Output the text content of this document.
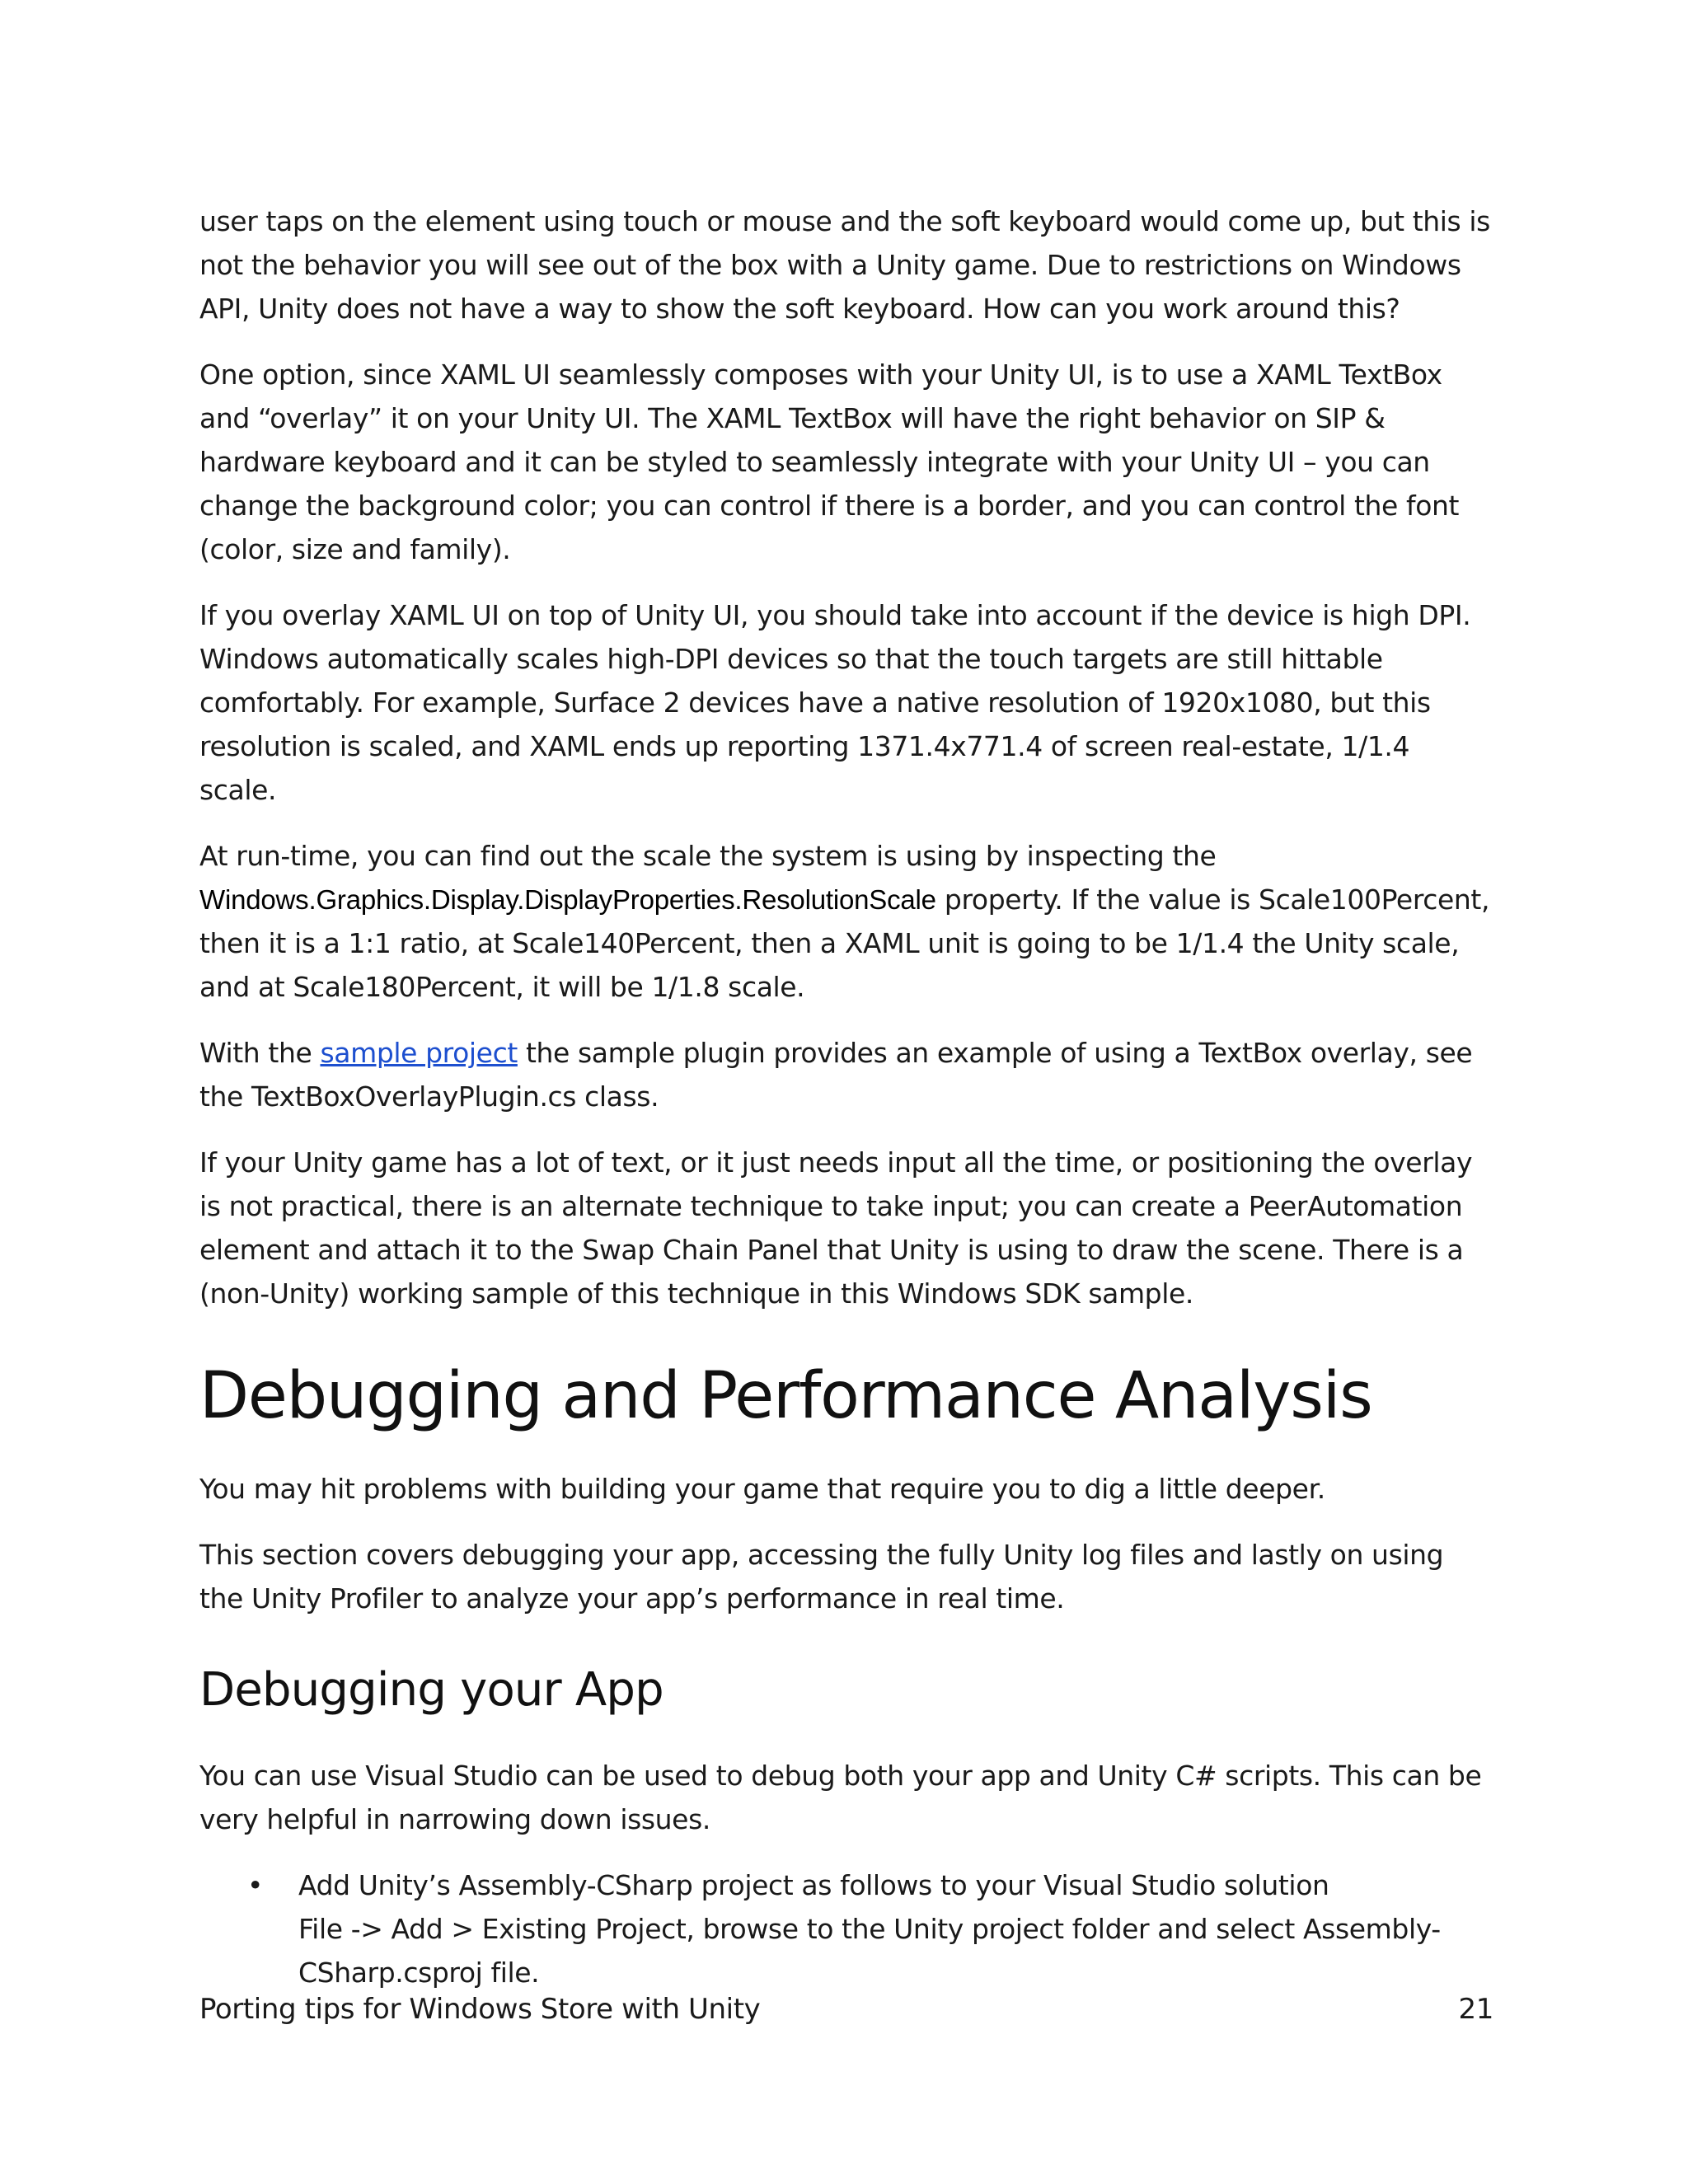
user taps on the element using touch or mouse and the soft keyboard would come up, but this is not the behavior you will see out of the box with a Unity game. Due to restrictions on Windows API, Unity does not have a way to show the soft keyboard. How can you work around this?

One option, since XAML UI seamlessly composes with your Unity UI, is to use a XAML TextBox and “overlay” it on your Unity UI. The XAML TextBox will have the right behavior on SIP & hardware keyboard and it can be styled to seamlessly integrate with your Unity UI – you can change the background color; you can control if there is a border, and you can control the font (color, size and family).

If you overlay XAML UI on top of Unity UI, you should take into account if the device is high DPI. Windows automatically scales high-DPI devices so that the touch targets are still hittable comfortably. For example, Surface 2 devices have a native resolution of 1920x1080, but this resolution is scaled, and XAML ends up reporting 1371.4x771.4 of screen real-estate, 1/1.4 scale.

At run-time, you can find out the scale the system is using by inspecting the
Windows.Graphics.Display.DisplayProperties.ResolutionScale property. If the value is Scale100Percent, then it is a 1:1 ratio, at Scale140Percent, then a XAML unit is going to be 1/1.4 the Unity scale, and at Scale180Percent, it will be 1/1.8 scale.

With the sample project the sample plugin provides an example of using a TextBox overlay, see the TextBoxOverlayPlugin.cs class.

If your Unity game has a lot of text, or it just needs input all the time, or positioning the overlay is not practical, there is an alternate technique to take input; you can create a PeerAutomation element and attach it to the Swap Chain Panel that Unity is using to draw the scene. There is a (non-Unity) working sample of this technique in this Windows SDK sample.

Debugging and Performance Analysis

You may hit problems with building your game that require you to dig a little deeper.

This section covers debugging your app, accessing the fully Unity log files and lastly on using the Unity Profiler to analyze your app’s performance in real time.

Debugging your App

You can use Visual Studio can be used to debug both your app and Unity C# scripts. This can be very helpful in narrowing down issues.

• Add Unity’s Assembly-CSharp project as follows to your Visual Studio solution
File -> Add > Existing Project, browse to the Unity project folder and select Assembly-CSharp.csproj file.
Porting tips for Windows Store with Unity	21
